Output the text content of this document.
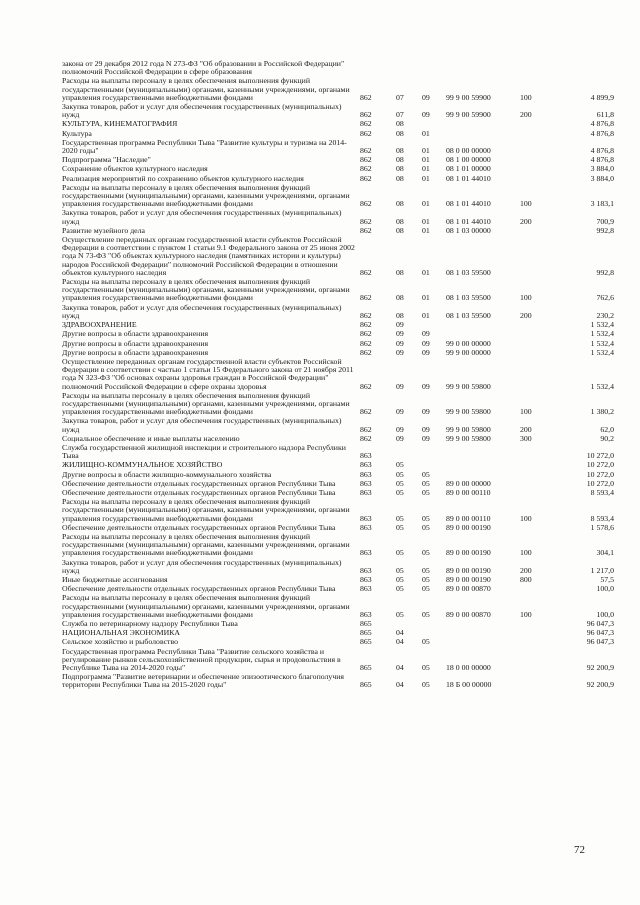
закона от 29 декабря 2012 года N 273-ФЗ "Об образовании в Российской Федерации" полномочий Российской Федерации в сфере образования
Расходы на выплаты персоналу в целях обеспечения выполнения функций государственными (муниципальными) органами, казенными учреждениями, органами управления государственными внебюджетными фондами	862	07 09 99 9 00 59900	100	4 899,9
Закупка товаров, работ и услуг для обеспечения государственных (муниципальных) нужд	862	07 09 99 9 00 59900	200	611,8
КУЛЬТУРА, КИНЕМАТОГРАФИЯ	862	08	4 876,8
Культура	862	08 01	4 876,8
Государственная программа Республики Тыва "Развитие культуры и туризма на 2014-2020 годы"	862	08 01 08 0 00 00000	4 876,8
Подпрограмма "Наследие"	862	08 01 08 1 00 00000	4 876,8
Сохранение объектов культурного наследия	862	08 01 08 1 01 00000	3 884,0
Реализация мероприятий по сохранению объектов культурного наследия	862	08 01 08 1 01 44010	3 884,0
Расходы на выплаты персоналу в целях обеспечения выполнения функций государственными (муниципальными) органами, казенными учреждениями, органами управления государственными внебюджетными фондами	862	08 01 08 1 01 44010	100	3 183,1
Закупка товаров, работ и услуг для обеспечения государственных (муниципальных) нужд	862	08 01 08 1 01 44010	200	700,9
Развитие музейного дела	862	08 01 08 1 03 00000	992,8
Осуществление переданных органам государственной власти субъектов Российской Федерации в соответствии с пунктом 1 статьи 9.1 Федерального закона от 25 июня 2002 года N 73-ФЗ "Об объектах культурного наследия (памятниках истории и культуры) народов Российской Федерации" полномочий Российской Федерации в отношении объектов культурного наследия	862	08 01 08 1 03 59500	992,8
Расходы на выплаты персоналу в целях обеспечения выполнения функций государственными (муниципальными) органами, казенными учреждениями, органами управления государственными внебюджетными фондами	862	08 01 08 1 03 59500	100	762,6
Закупка товаров, работ и услуг для обеспечения государственных (муниципальных) нужд	862	08 01 08 1 03 59500	200	230,2
ЗДРАВООХРАНЕНИЕ	862	09	1 532,4
Другие вопросы в области здравоохранения	862	09 09	1 532,4
Другие вопросы в области здравоохранения	862	09 09 99 0 00 00000	1 532,4
Другие вопросы в области здравоохранения	862	09 09 99 9 00 00000	1 532,4
Осуществление переданных органам государственной власти субъектов Российской Федерации в соответствии с частью 1 статьи 15 Федерального закона от 21 ноября 2011 года N 323-ФЗ "Об основах охраны здоровья граждан в Российской Федерации" полномочий Российской Федерации в сфере охраны здоровья	862	09 09 99 9 00 59800	1 532,4
Расходы на выплаты персоналу в целях обеспечения выполнения функций государственными (муниципальными) органами, казенными учреждениями, органами управления государственными внебюджетными фондами	862	09 09 99 9 00 59800	100	1 380,2
Закупка товаров, работ и услуг для обеспечения государственных (муниципальных) нужд	862	09 09 99 9 00 59800	200	62,0
Социальное обеспечение и иные выплаты населению	862	09 09 99 9 00 59800	300	90,2
Служба государственной жилищной инспекции и строительного надзора Республики Тыва	863	10 272,0
ЖИЛИЩНО-КОММУНАЛЬНОЕ ХОЗЯЙСТВО	863	05	10 272,0
Другие вопросы в области жилищно-коммунального хозяйства	863	05 05	10 272,0
Обеспечение деятельности отдельных государственных органов Республики Тыва	863	05 05 89 0 00 00000	10 272,0
Обеспечение деятельности отдельных государственных органов Республики Тыва	863	05 05 89 0 00 00110	8 593,4
Расходы на выплаты персоналу в целях обеспечения выполнения функций государственными (муниципальными) органами, казенными учреждениями, органами управления государственными внебюджетными фондами	863	05 05 89 0 00 00110	100	8 593,4
Обеспечение деятельности отдельных государственных органов Республики Тыва	863	05 05 89 0 00 00190	1 578,6
Расходы на выплаты персоналу в целях обеспечения выполнения функций государственными (муниципальными) органами, казенными учреждениями, органами управления государственными внебюджетными фондами	863	05 05 89 0 00 00190	100	304,1
Закупка товаров, работ и услуг для обеспечения государственных (муниципальных) нужд	863	05 05 89 0 00 00190	200	1 217,0
Иные бюджетные ассигнования	863	05 05 89 0 00 00190	800	57,5
Обеспечение деятельности отдельных государственных органов Республики Тыва	863	05 05 89 0 00 00870	100,0
Расходы на выплаты персоналу в целях обеспечения выполнения функций государственными (муниципальными) органами, казенными учреждениями, органами управления государственными внебюджетными фондами	863	05 05 89 0 00 00870	100	100,0
Служба по ветеринарному надзору Республики Тыва	865	96 047,3
НАЦИОНАЛЬНАЯ ЭКОНОМИКА	865	04	96 047,3
Сельское хозяйство и рыболовство	865	04 05	96 047,3
Государственная программа Республики Тыва "Развитие сельского хозяйства и регулирование рынков сельскохозяйственной продукции, сырья и продовольствия в Республике Тыва на 2014-2020 годы"	865	04 05 18 0 00 00000	92 200,9
Подпрограмма "Развитие ветеринарии и обеспечение эпизоотического благополучия территории Республики Тыва на 2015-2020 годы"	865	04 05 18 Б 00 00000	92 200,9
72
